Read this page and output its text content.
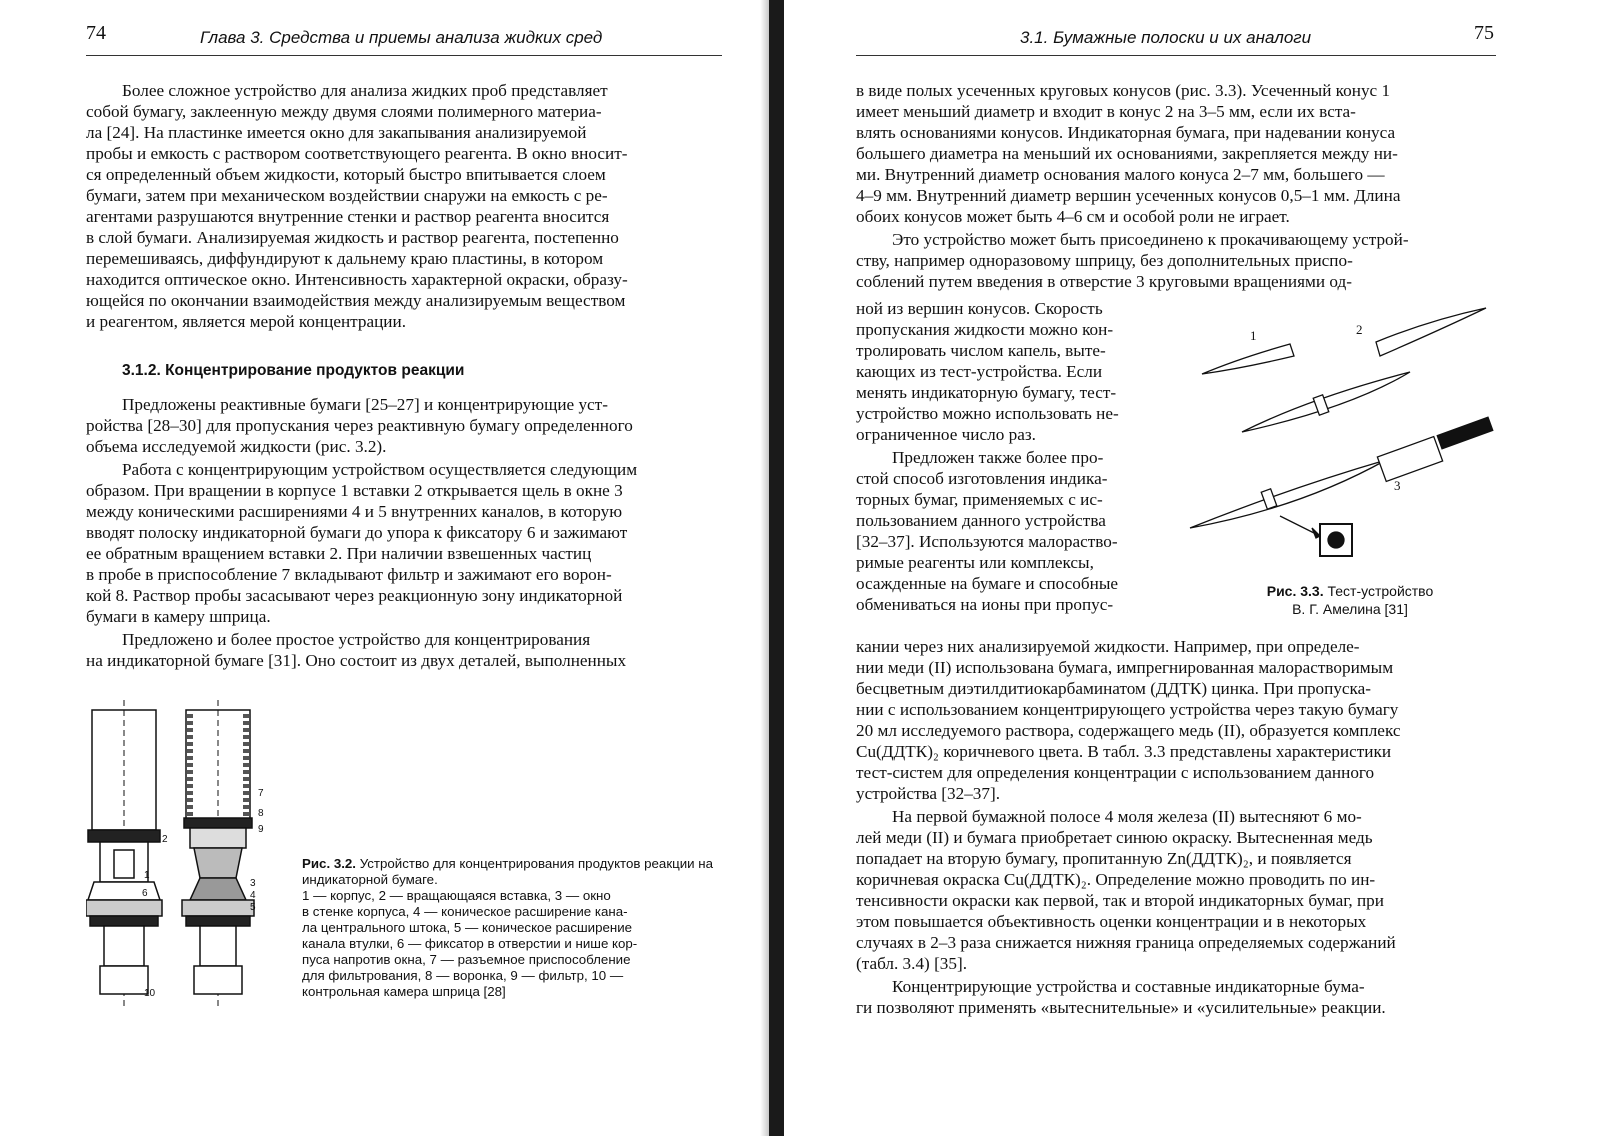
74	Глава 3. Средства и приемы анализа жидких сред

Более сложное устройство для анализа жидких проб представляет
собой бумагу, заклеенную между двумя слоями полимерного материа-
ла [24]. На пластинке имеется окно для закапывания анализируемой
пробы и емкость с раствором соответствующего реагента. В окно вносит-
ся определенный объем жидкости, который быстро впитывается слоем
бумаги, затем при механическом воздействии снаружи на емкость с ре-
агентами разрушаются внутренние стенки и раствор реагента вносится
в слой бумаги. Анализируемая жидкость и раствор реагента, постепенно
перемешиваясь, диффундируют к дальнему краю пластины, в котором
находится оптическое окно. Интенсивность характерной окраски, образу-
ющейся по окончании взаимодействия между анализируемым веществом
и реагентом, является мерой концентрации.

3.1.2. Концентрирование продуктов реакции

Предложены реактивные бумаги [25–27] и концентрирующие уст-
ройства [28–30] для пропускания через реактивную бумагу определенного
объема исследуемой жидкости (рис. 3.2).

Работа с концентрирующим устройством осуществляется следующим
образом. При вращении в корпусе 1 вставки 2 открывается щель в окне 3
между коническими расширениями 4 и 5 внутренних каналов, в которую
вводят полоску индикаторной бумаги до упора к фиксатору 6 и зажимают
ее обратным вращением вставки 2. При наличии взвешенных частиц
в пробе в приспособление 7 вкладывают фильтр и зажимают его ворон-
кой 8. Раствор пробы засасывают через реакционную зону индикаторной
бумаги в камеру шприца.

Предложено и более простое устройство для концентрирования
на индикаторной бумаге [31]. Оно состоит из двух деталей, выполненных

2
1
6
10
7
8
9
3
4
5
Рис. 3.2. Устройство для концентрирования продуктов реакции на индикаторной бумаге.
1 — корпус, 2 — вращающаяся вставка, 3 — окно
в стенке корпуса, 4 — коническое расширение кана-
ла центрального штока, 5 — коническое расширение
канала втулки, 6 — фиксатор в отверстии и нише кор-
пуса напротив окна, 7 — разъемное приспособление
для фильтрования, 8 — воронка, 9 — фильтр, 10 —
контрольная камера шприца [28]
3.1. Бумажные полоски и их аналоги	75

в виде полых усеченных круговых конусов (рис. 3.3). Усеченный конус 1
имеет меньший диаметр и входит в конус 2 на 3–5 мм, если их вста-
влять основаниями конусов. Индикаторная бумага, при надевании конуса
большего диаметра на меньший их основаниями, закрепляется между ни-
ми. Внутренний диаметр основания малого конуса 2–7 мм, большего —
4–9 мм. Внутренний диаметр вершин усеченных конусов 0,5–1 мм. Длина
обоих конусов может быть 4–6 см и особой роли не играет.

Это устройство может быть присоединено к прокачивающему устрой-
ству, например одноразовому шприцу, без дополнительных приспо-
соблений путем введения в отверстие 3 круговыми вращениями од-

ной из вершин конусов. Скорость
пропускания жидкости можно кон-
тролировать числом капель, выте-
кающих из тест-устройства. Если
менять индикаторную бумагу, тест-
устройство можно использовать не-
ограниченное число раз.

Предложен также более про-
стой способ изготовления индика-
торных бумаг, применяемых с ис-
пользованием данного устройства
[32–37]. Используются малораство-
римые реагенты или комплексы,
осажденные на бумаге и способные
обмениваться на ионы при пропус-

кании через них анализируемой жидкости. Например, при определе-
нии меди (II) использована бумага, импрегнированная малорастворимым
бесцветным диэтилдитиокарбаминатом (ДДТК) цинка. При пропуска-
нии с использованием концентрирующего устройства через такую бумагу
20 мл исследуемого раствора, содержащего медь (II), образуется комплекс
Cu(ДДТК)₂ коричневого цвета. В табл. 3.3 представлены характеристики
тест-систем для определения концентрации с использованием данного
устройства [32–37].

На первой бумажной полосе 4 моля железа (II) вытесняют 6 мо-
лей меди (II) и бумага приобретает синюю окраску. Вытесненная медь
попадает на вторую бумагу, пропитанную Zn(ДДТК)₂, и появляется
коричневая окраска Cu(ДДТК)₂. Определение можно проводить по ин-
тенсивности окраски как первой, так и второй индикаторных бумаг, при
этом повышается объективность оценки концентрации и в некоторых
случаях в 2–3 раза снижается нижняя граница определяемых содержаний
(табл. 3.4) [35].

Концентрирующие устройства и составные индикаторные бума-
ги позволяют применять «вытеснительные» и «усилительные» реакции.

1	2
3
Рис. 3.3. Тест-устройство
В. Г. Амелина [31]
